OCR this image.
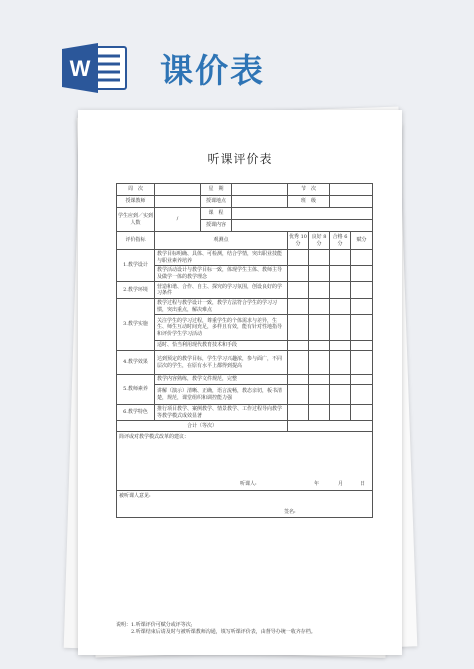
W 课价表
听课评价表
周　次		星　期		节　次			
授课教师		授课地点		班　级			
学生应到／实到人数	/	课　程					
		授课内容					
评价指标	观测点			优秀 10分	良好 8分	合格 6分	赋分
1.教学设计	教学目标明确、具体、可检测，结合学情，突出职业技能与职业素养培养						
	教学活动设计与教学目标一致，体现学生主体、教师主导及做学一体的教学理念						
2.教学环境	营造和谐、合作、自主、探究的学习氛围，创设良好的学习条件						
3.教学实施	教学过程与教学设计一致，教学方法符合学生的学习习惯，突出重点，解决难点						
	关注学生的学习过程，尊重学生的个体需求与差异，生生、师生互动时间充足，多样且有效，能有针对性地指导和评价学生学习活动						
	适时、恰当利用现代教育技术和手段						
4.教学效果	达到预定的教学目标，学生学习兴趣浓，参与面广，不同层次的学生，在原有水平上都得到提高						
5.教师素养	教学内容熟练，教学文件规范，完整						
	讲解（演示）清晰、正确，语言流畅，教态亲切，板书清楚，规范，课堂组织和调控能力强						
6.教学特色	推行项目教学、案例教学、情景教学、工作过程导向教学等教学模式成效显著						
合计（等次）							

简评或对教学模式改革的建议：
听课人: 年 月 日							

被听课人意见:
签名:							
说明：1.听课评价可赋分或评等次;
　　　2.听课结束后请及时与被听课教师沟通，填写听课评价表，由督导办统一收齐存档。
